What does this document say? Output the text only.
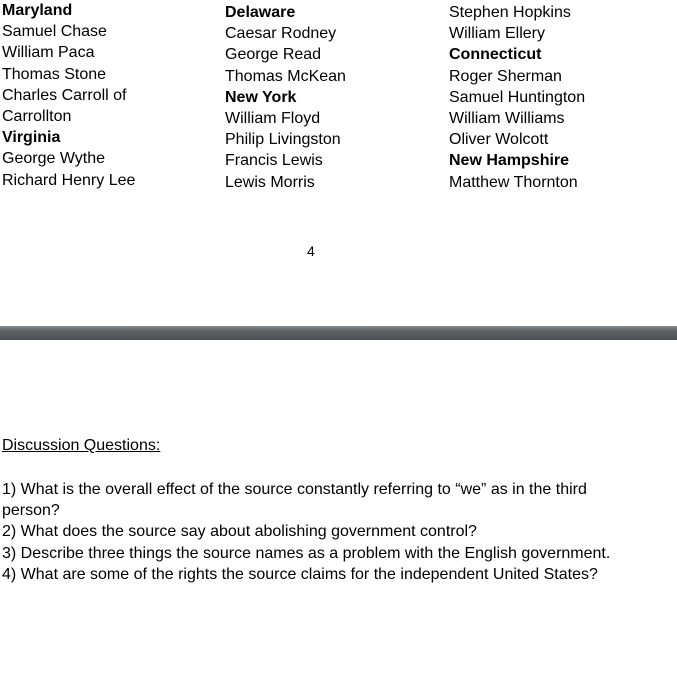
Maryland
Samuel Chase
William Paca
Thomas Stone
Charles Carroll of
Carrollton
Virginia
George Wythe
Richard Henry Lee
Delaware
Caesar Rodney
George Read
Thomas McKean
New York
William Floyd
Philip Livingston
Francis Lewis
Lewis Morris
Stephen Hopkins
William Ellery
Connecticut
Roger Sherman
Samuel Huntington
William Williams
Oliver Wolcott
New Hampshire
Matthew Thornton
4
Discussion Questions:
1) What is the overall effect of the source constantly referring to “we” as in the third person?
2) What does the source say about abolishing government control?
3) Describe three things the source names as a problem with the English government.
4) What are some of the rights the source claims for the independent United States?
